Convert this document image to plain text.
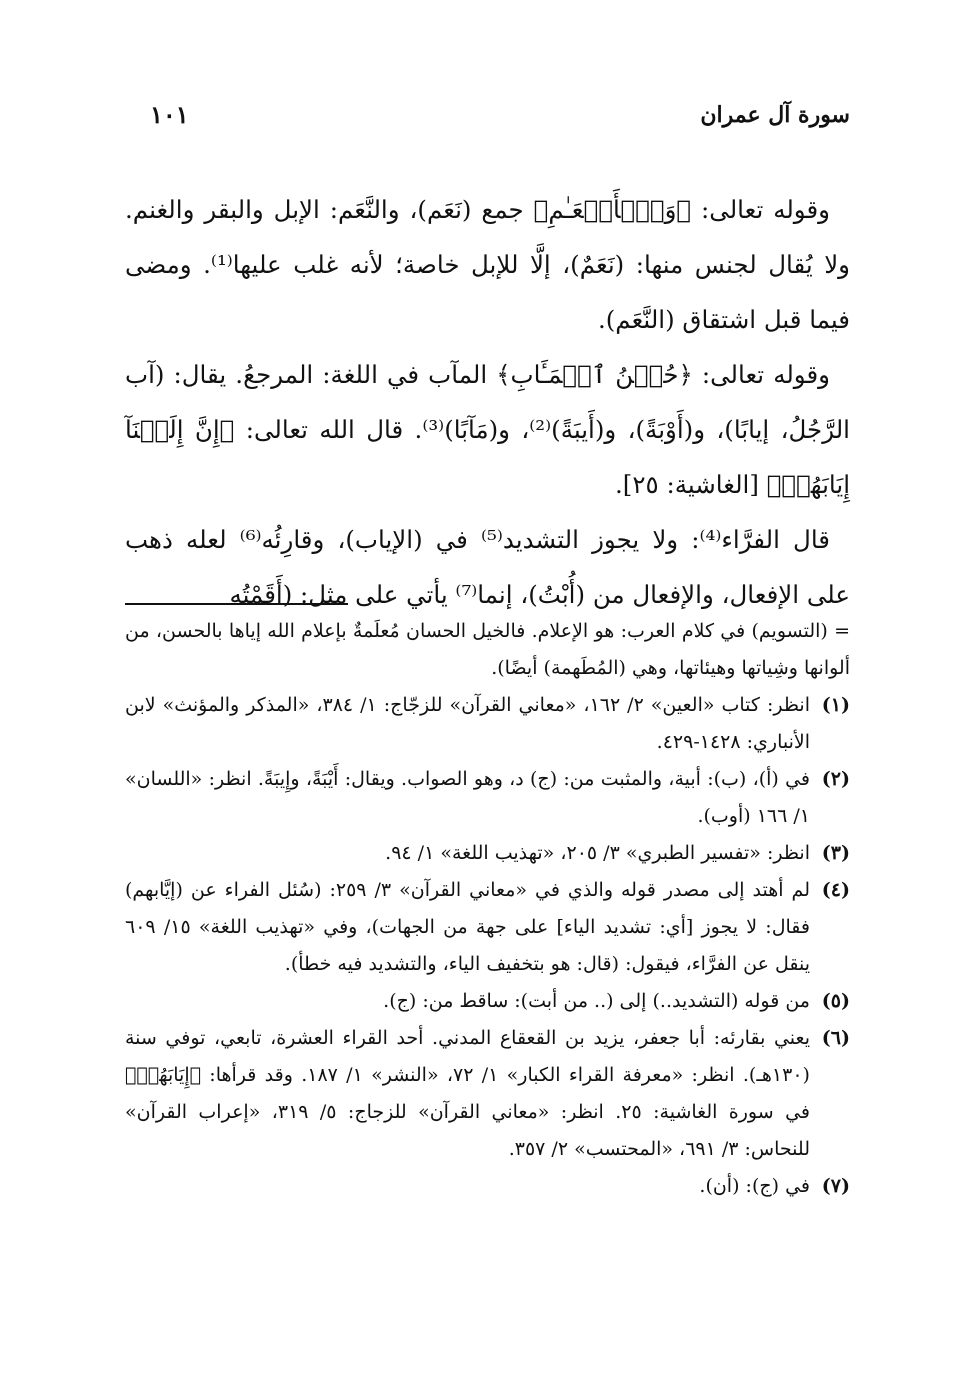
سورة آل عمران
١٠١

وقوله تعالى: ﴿وَٱلۡأَنۡعَـٰمِ﴾ جمع (نَعَم)، والنَّعَم: الإبل والبقر والغنم. ولا يُقال لجنس منها: (نَعَمٌ)، إلَّا للإبل خاصة؛ لأنه غلب عليها⁽¹⁾. ومضى فيما قبل اشتقاق (النَّعَم).

وقوله تعالى: ﴿حُسۡنُ ٱلۡمَـَٔابِ﴾ المآب في اللغة: المرجعُ. يقال: (آب الرَّجُلُ، إيابًا)، و(أَوْبَةً)، و(أَيبَةً)⁽²⁾، و(مَآبًا)⁽³⁾. قال الله تعالى: ﴿إِنَّ إِلَيۡنَآ إِيَابَهُمۡ﴾ [الغاشية: ٢٥].

قال الفرَّاء⁽⁴⁾: ولا يجوز التشديد⁽⁵⁾ في (الإياب)، وقارِئُه⁽⁶⁾ لعله ذهب على الإفعال، والإفعال من (أُبْتُ)، إنما⁽⁷⁾ يأتي على مثل: (أَقَمْتُه

= (التسويم) في كلام العرب: هو الإعلام. فالخيل الحسان مُعلَمةٌ بإعلام الله إياها بالحسن، من ألوانها وشِياتها وهيئاتها، وهي (المُطَهمة) أيضًا).
(١)
انظر: كتاب «العين» ٢/ ١٦٢، «معاني القرآن» للزجّاج: ١/ ٣٨٤، «المذكر والمؤنث» لابن الأنباري: ١٤٢٨-٤٢٩.
(٢)
في (أ)، (ب): أبية، والمثبت من: (ج) د، وهو الصواب. ويقال: أَيْبَةً، وإِيبَةً. انظر: «اللسان» ١/ ١٦٦ (أوب).
(٣)
انظر: «تفسير الطبري» ٣/ ٢٠٥، «تهذيب اللغة» ١/ ٩٤.
(٤)
لم أهتد إلى مصدر قوله والذي في «معاني القرآن» ٣/ ٢٥٩: (سُئل الفراء عن (إيَّابهم) فقال: لا يجوز [أي: تشديد الياء] على جهة من الجهات)، وفي «تهذيب اللغة» ١٥/ ٦٠٩ ينقل عن الفرَّاء، فيقول: (قال: هو بتخفيف الياء، والتشديد فيه خطأ).
(٥)
من قوله (التشديد..) إلى (.. من أبت): ساقط من: (ج).
(٦)
يعني بقارئه: أبا جعفر، يزيد بن القعقاع المدني. أحد القراء العشرة، تابعي، توفي سنة (١٣٠هـ). انظر: «معرفة القراء الكبار» ١/ ٧٢، «النشر» ١/ ١٨٧. وقد قرأها: ﴿إِيَابَهُمۡ﴾ في سورة الغاشية: ٢٥. انظر: «معاني القرآن» للزجاج: ٥/ ٣١٩، «إعراب القرآن» للنحاس: ٣/ ٦٩١، «المحتسب» ٢/ ٣٥٧.
(٧)
في (ج): (أن).
